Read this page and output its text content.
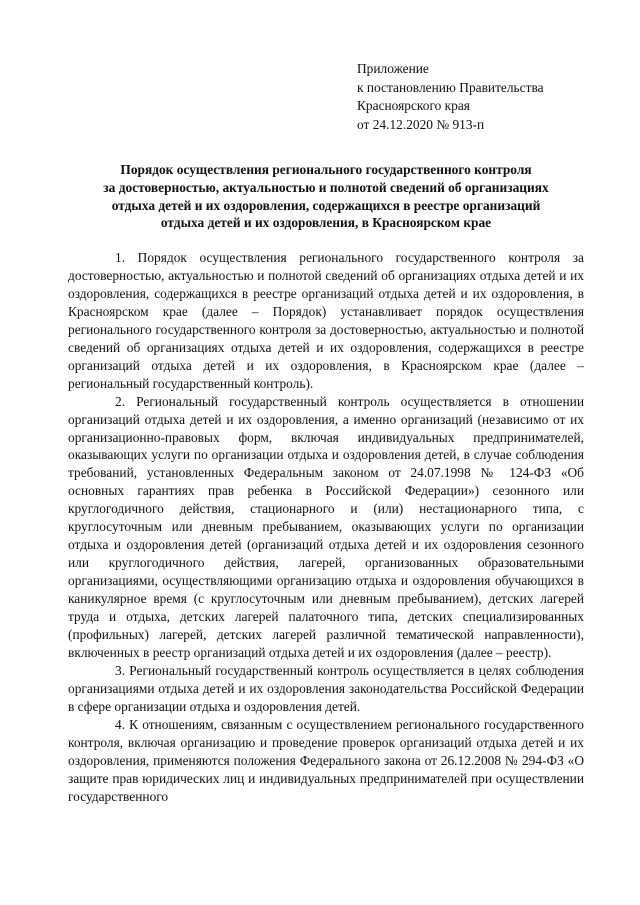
Приложение
к постановлению Правительства
Красноярского края
от 24.12.2020 № 913-п
Порядок осуществления регионального государственного контроля
за достоверностью, актуальностью и полнотой сведений об организациях
отдыха детей и их оздоровления, содержащихся в реестре организаций
отдыха детей и их оздоровления, в Красноярском крае

1. Порядок осуществления регионального государственного контроля за достоверностью, актуальностью и полнотой сведений об организациях отдыха детей и их оздоровления, содержащихся в реестре организаций отдыха детей и их оздоровления, в Красноярском крае (далее – Порядок) устанавливает порядок осуществления регионального государственного контроля за достоверностью, актуальностью и полнотой сведений об организациях отдыха детей и их оздоровления, содержащихся в реестре организаций отдыха детей и их оздоровления, в Красноярском крае (далее – региональный государственный контроль).

2. Региональный государственный контроль осуществляется в отношении организаций отдыха детей и их оздоровления, а именно организаций (независимо от их организационно-правовых форм, включая индивидуальных предпринимателей, оказывающих услуги по организации отдыха и оздоровления детей, в случае соблюдения требований, установленных Федеральным законом от 24.07.1998 № 124-ФЗ «Об основных гарантиях прав ребенка в Российской Федерации») сезонного или круглогодичного действия, стационарного и (или) нестационарного типа, с круглосуточным или дневным пребыванием, оказывающих услуги по организации отдыха и оздоровления детей (организаций отдыха детей и их оздоровления сезонного или круглогодичного действия, лагерей, организованных образовательными организациями, осуществляющими организацию отдыха и оздоровления обучающихся в каникулярное время (с круглосуточным или дневным пребыванием), детских лагерей труда и отдыха, детских лагерей палаточного типа, детских специализированных (профильных) лагерей, детских лагерей различной тематической направленности), включенных в реестр организаций отдыха детей и их оздоровления (далее – реестр).

3. Региональный государственный контроль осуществляется в целях соблюдения организациями отдыха детей и их оздоровления законодательства Российской Федерации в сфере организации отдыха и оздоровления детей.

4. К отношениям, связанным с осуществлением регионального государственного контроля, включая организацию и проведение проверок организаций отдыха детей и их оздоровления, применяются положения Федерального закона от 26.12.2008 № 294-ФЗ «О защите прав юридических лиц и индивидуальных предпринимателей при осуществлении государственного
